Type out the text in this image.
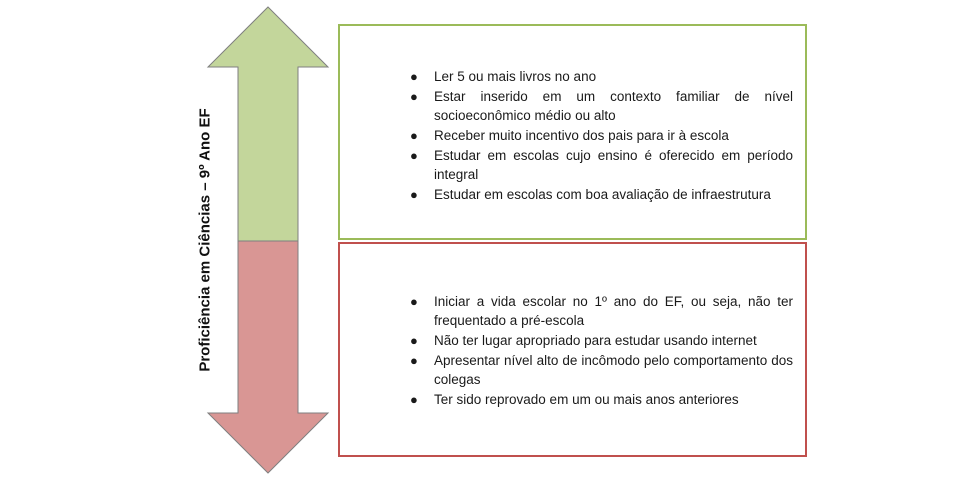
Proficiência em Ciências – 9º Ano EF
● Ler 5 ou mais livros no ano
● Estar inserido em um contexto familiar de nível socioeconômico médio ou alto
● Receber muito incentivo dos pais para ir à escola
● Estudar em escolas cujo ensino é oferecido em período integral
● Estudar em escolas com boa avaliação de infraestrutura
● Iniciar a vida escolar no 1º ano do EF, ou seja, não ter frequentado a pré-escola
● Não ter lugar apropriado para estudar usando internet
● Apresentar nível alto de incômodo pelo comportamento dos colegas
● Ter sido reprovado em um ou mais anos anteriores
